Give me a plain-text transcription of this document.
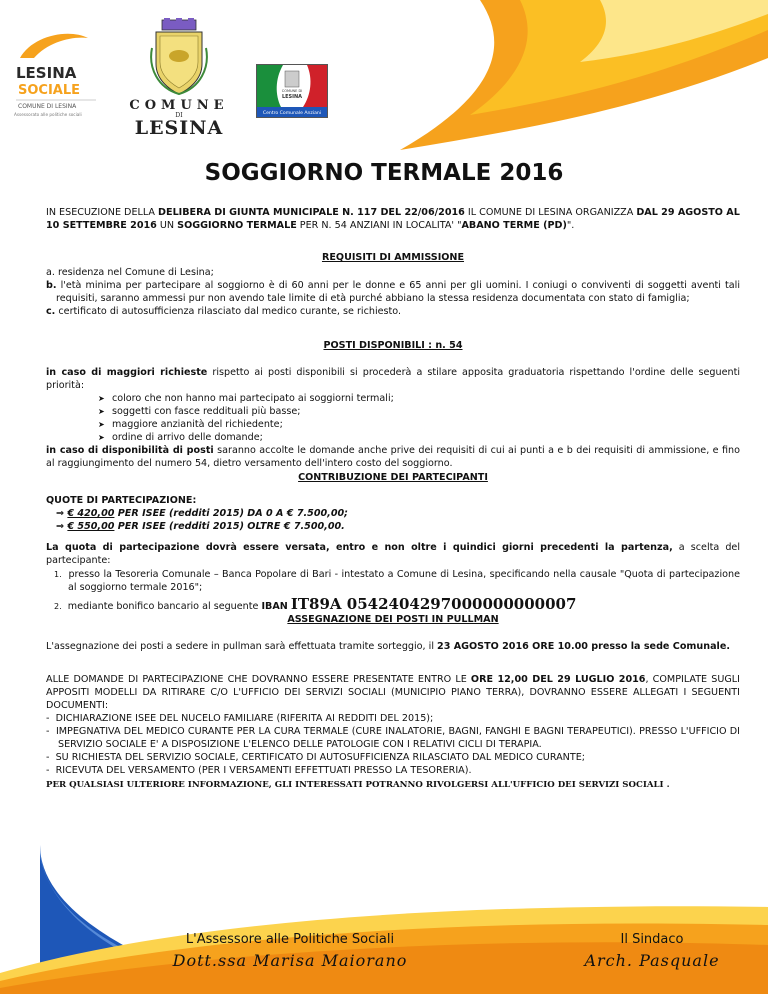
LESINA
SOCIALE
COMUNE DI LESINA
Assessorato alle politiche sociali
COMUNE
DI
LESINA
COMUNE DI
LESINA
Centro Comunale Anziani
SOGGIORNO TERMALE 2016
IN ESECUZIONE DELLA DELIBERA DI GIUNTA MUNICIPALE N. 117 DEL 22/06/2016 IL COMUNE DI LESINA ORGANIZZA DAL 29 AGOSTO AL 10 SETTEMBRE 2016 UN SOGGIORNO TERMALE PER N. 54 ANZIANI IN LOCALITA' "ABANO TERME (PD)".
REQUISITI DI AMMISSIONE
a. residenza nel Comune di Lesina;
b. l'età minima per partecipare al soggiorno è di 60 anni per le donne e 65 anni per gli uomini. I coniugi o conviventi di soggetti aventi tali requisiti, saranno ammessi pur non avendo tale limite di età purché abbiano la stessa residenza documentata con stato di famiglia;
c. certificato di autosufficienza rilasciato dal medico curante, se richiesto.
POSTI DISPONIBILI : n. 54
in caso di maggiori richieste rispetto ai posti disponibili si procederà a stilare apposita graduatoria rispettando l'ordine delle seguenti priorità:
➤ coloro che non hanno mai partecipato ai soggiorni termali;
➤ soggetti con fasce reddituali più basse;
➤ maggiore anzianità del richiedente;
➤ ordine di arrivo delle domande;
in caso di disponibilità di posti saranno accolte le domande anche prive dei requisiti di cui ai punti a e b dei requisiti di ammissione, e fino al raggiungimento del numero 54, dietro versamento dell'intero costo del soggiorno.
CONTRIBUZIONE DEI PARTECIPANTI
QUOTE DI PARTECIPAZIONE:
⇒ € 420,00 PER ISEE (redditi 2015) DA 0 A € 7.500,00;
⇒ € 550,00 PER ISEE (redditi 2015) OLTRE € 7.500,00.
La quota di partecipazione dovrà essere versata, entro e non oltre i quindici giorni precedenti la partenza, a scelta del partecipante:
1. presso la Tesoreria Comunale – Banca Popolare di Bari - intestato a Comune di Lesina, specificando nella causale "Quota di partecipazione al soggiorno termale 2016";
2. mediante bonifico bancario al seguente IBAN IT89A 0542404297000000000007
ASSEGNAZIONE DEI POSTI IN PULLMAN
L'assegnazione dei posti a sedere in pullman sarà effettuata tramite sorteggio, il 23 AGOSTO 2016 ORE 10.00 presso la sede Comunale.
ALLE DOMANDE DI PARTECIPAZIONE CHE DOVRANNO ESSERE PRESENTATE ENTRO LE ORE 12,00 DEL 29 LUGLIO 2016, COMPILATE SUGLI APPOSITI MODELLI DA RITIRARE C/O L'UFFICIO DEI SERVIZI SOCIALI (MUNICIPIO PIANO TERRA), DOVRANNO ESSERE ALLEGATI I SEGUENTI DOCUMENTI:
-  DICHIARAZIONE ISEE DEL NUCELO FAMILIARE (RIFERITA AI REDDITI DEL 2015);
-  IMPEGNATIVA DEL MEDICO CURANTE PER LA CURA TERMALE (CURE INALATORIE, BAGNI, FANGHI E BAGNI TERAPEUTICI). PRESSO L'UFFICIO DI SERVIZIO SOCIALE E' A DISPOSIZIONE L'ELENCO DELLE PATOLOGIE CON I RELATIVI CICLI DI TERAPIA.
-  SU RICHIESTA DEL SERVIZIO SOCIALE, CERTIFICATO DI AUTOSUFFICIENZA RILASCIATO DAL MEDICO CURANTE;
-  RICEVUTA DEL VERSAMENTO (PER I VERSAMENTI EFFETTUATI PRESSO LA TESORERIA).
PER QUALSIASI ULTERIORE INFORMAZIONE, GLI INTERESSATI POTRANNO RIVOLGERSI ALL'UFFICIO DEI SERVIZI SOCIALI .
L'Assessore alle Politiche Sociali
Dott.ssa Marisa Maiorano
Il Sindaco
Arch. Pasquale
